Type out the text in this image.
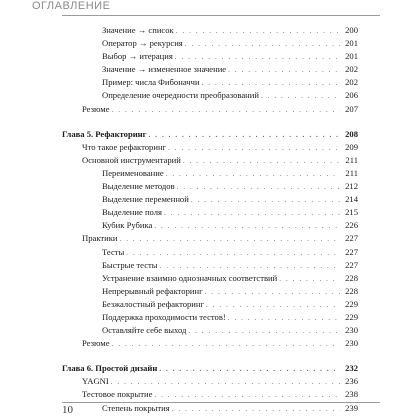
ОГЛАВЛЕНИЕ
Значение → список . . .	200
Оператор → рекурсия . . .	201
Выбор → итерация . . .	201
Значение → измененное значение . . .	202
Пример: числа Фибоначчи . . .	202
Определение очередности преобразований . . .	206
Резюме . . .	207
Глава 5. Рефакторинг . . .	208
Что такое рефакторинг . . .	209
Основной инструментарий . . .	211
Переименование . . .	211
Выделение методов . . .	212
Выделение переменной . . .	214
Выделение поля . . .	215
Кубик Рубика . . .	226
Практики . . .	227
Тесты . . .	227
Быстрые тесты . . .	227
Устранение взаимно однозначных соответствий . . .	228
Непрерывный рефакторинг . . .	228
Безжалостный рефакторинг . . .	229
Поддержка проходимости тестов! . . .	229
Оставляйте себе выход . . .	230
Резюме . . .	230
Глава 6. Простой дизайн . . .	232
YAGNI . . .	236
Тестовое покрытие . . .	238
Степень покрытия . . .	239
10
